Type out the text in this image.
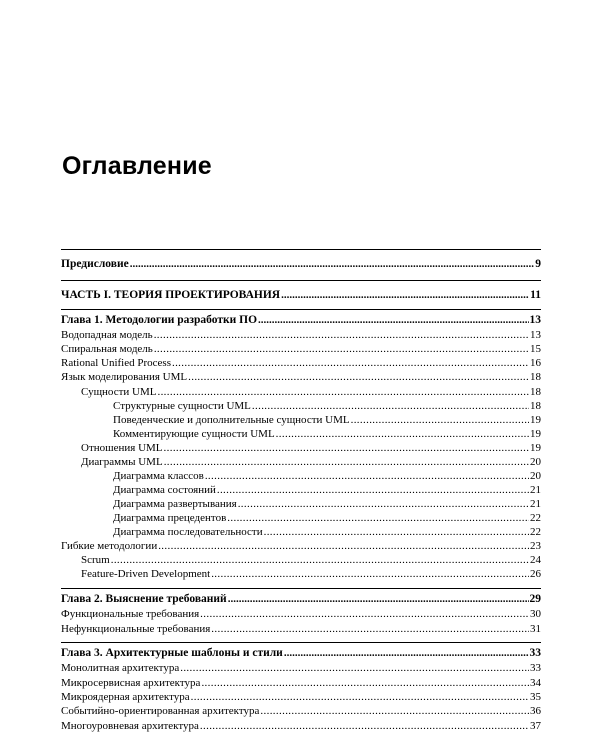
Оглавление
Предисловие .....	9
ЧАСТЬ I. ТЕОРИЯ ПРОЕКТИРОВАНИЯ .....	11
Глава 1. Методологии разработки ПО .....	13
Водопадная модель . . .	13
Спиральная модель . . .	15
Rational Unified Process . . .	16
Язык моделирования UML . . .	18
Сущности UML . . .	18
Структурные сущности UML . . .	18
Поведенческие и дополнительные сущности UML . . .	19
Комментирующие сущности UML . . .	19
Отношения UML . . .	19
Диаграммы UML . . .	20
Диаграмма классов . . .	20
Диаграмма состояний . . .	21
Диаграмма развертывания . . .	21
Диаграмма прецедентов . . .	22
Диаграмма последовательности . . .	22
Гибкие методологии . . .	23
Scrum . . .	24
Feature-Driven Development . . .	26
Глава 2. Выяснение требований .....	29
Функциональные требования . . .	30
Нефункциональные требования . . .	31
Глава 3. Архитектурные шаблоны и стили .....	33
Монолитная архитектура . . .	33
Микросервисная архитектура . . .	34
Микроядерная архитектура . . .	35
Событийно-ориентированная архитектура . . .	36
Многоуровневая архитектура . . .	37
